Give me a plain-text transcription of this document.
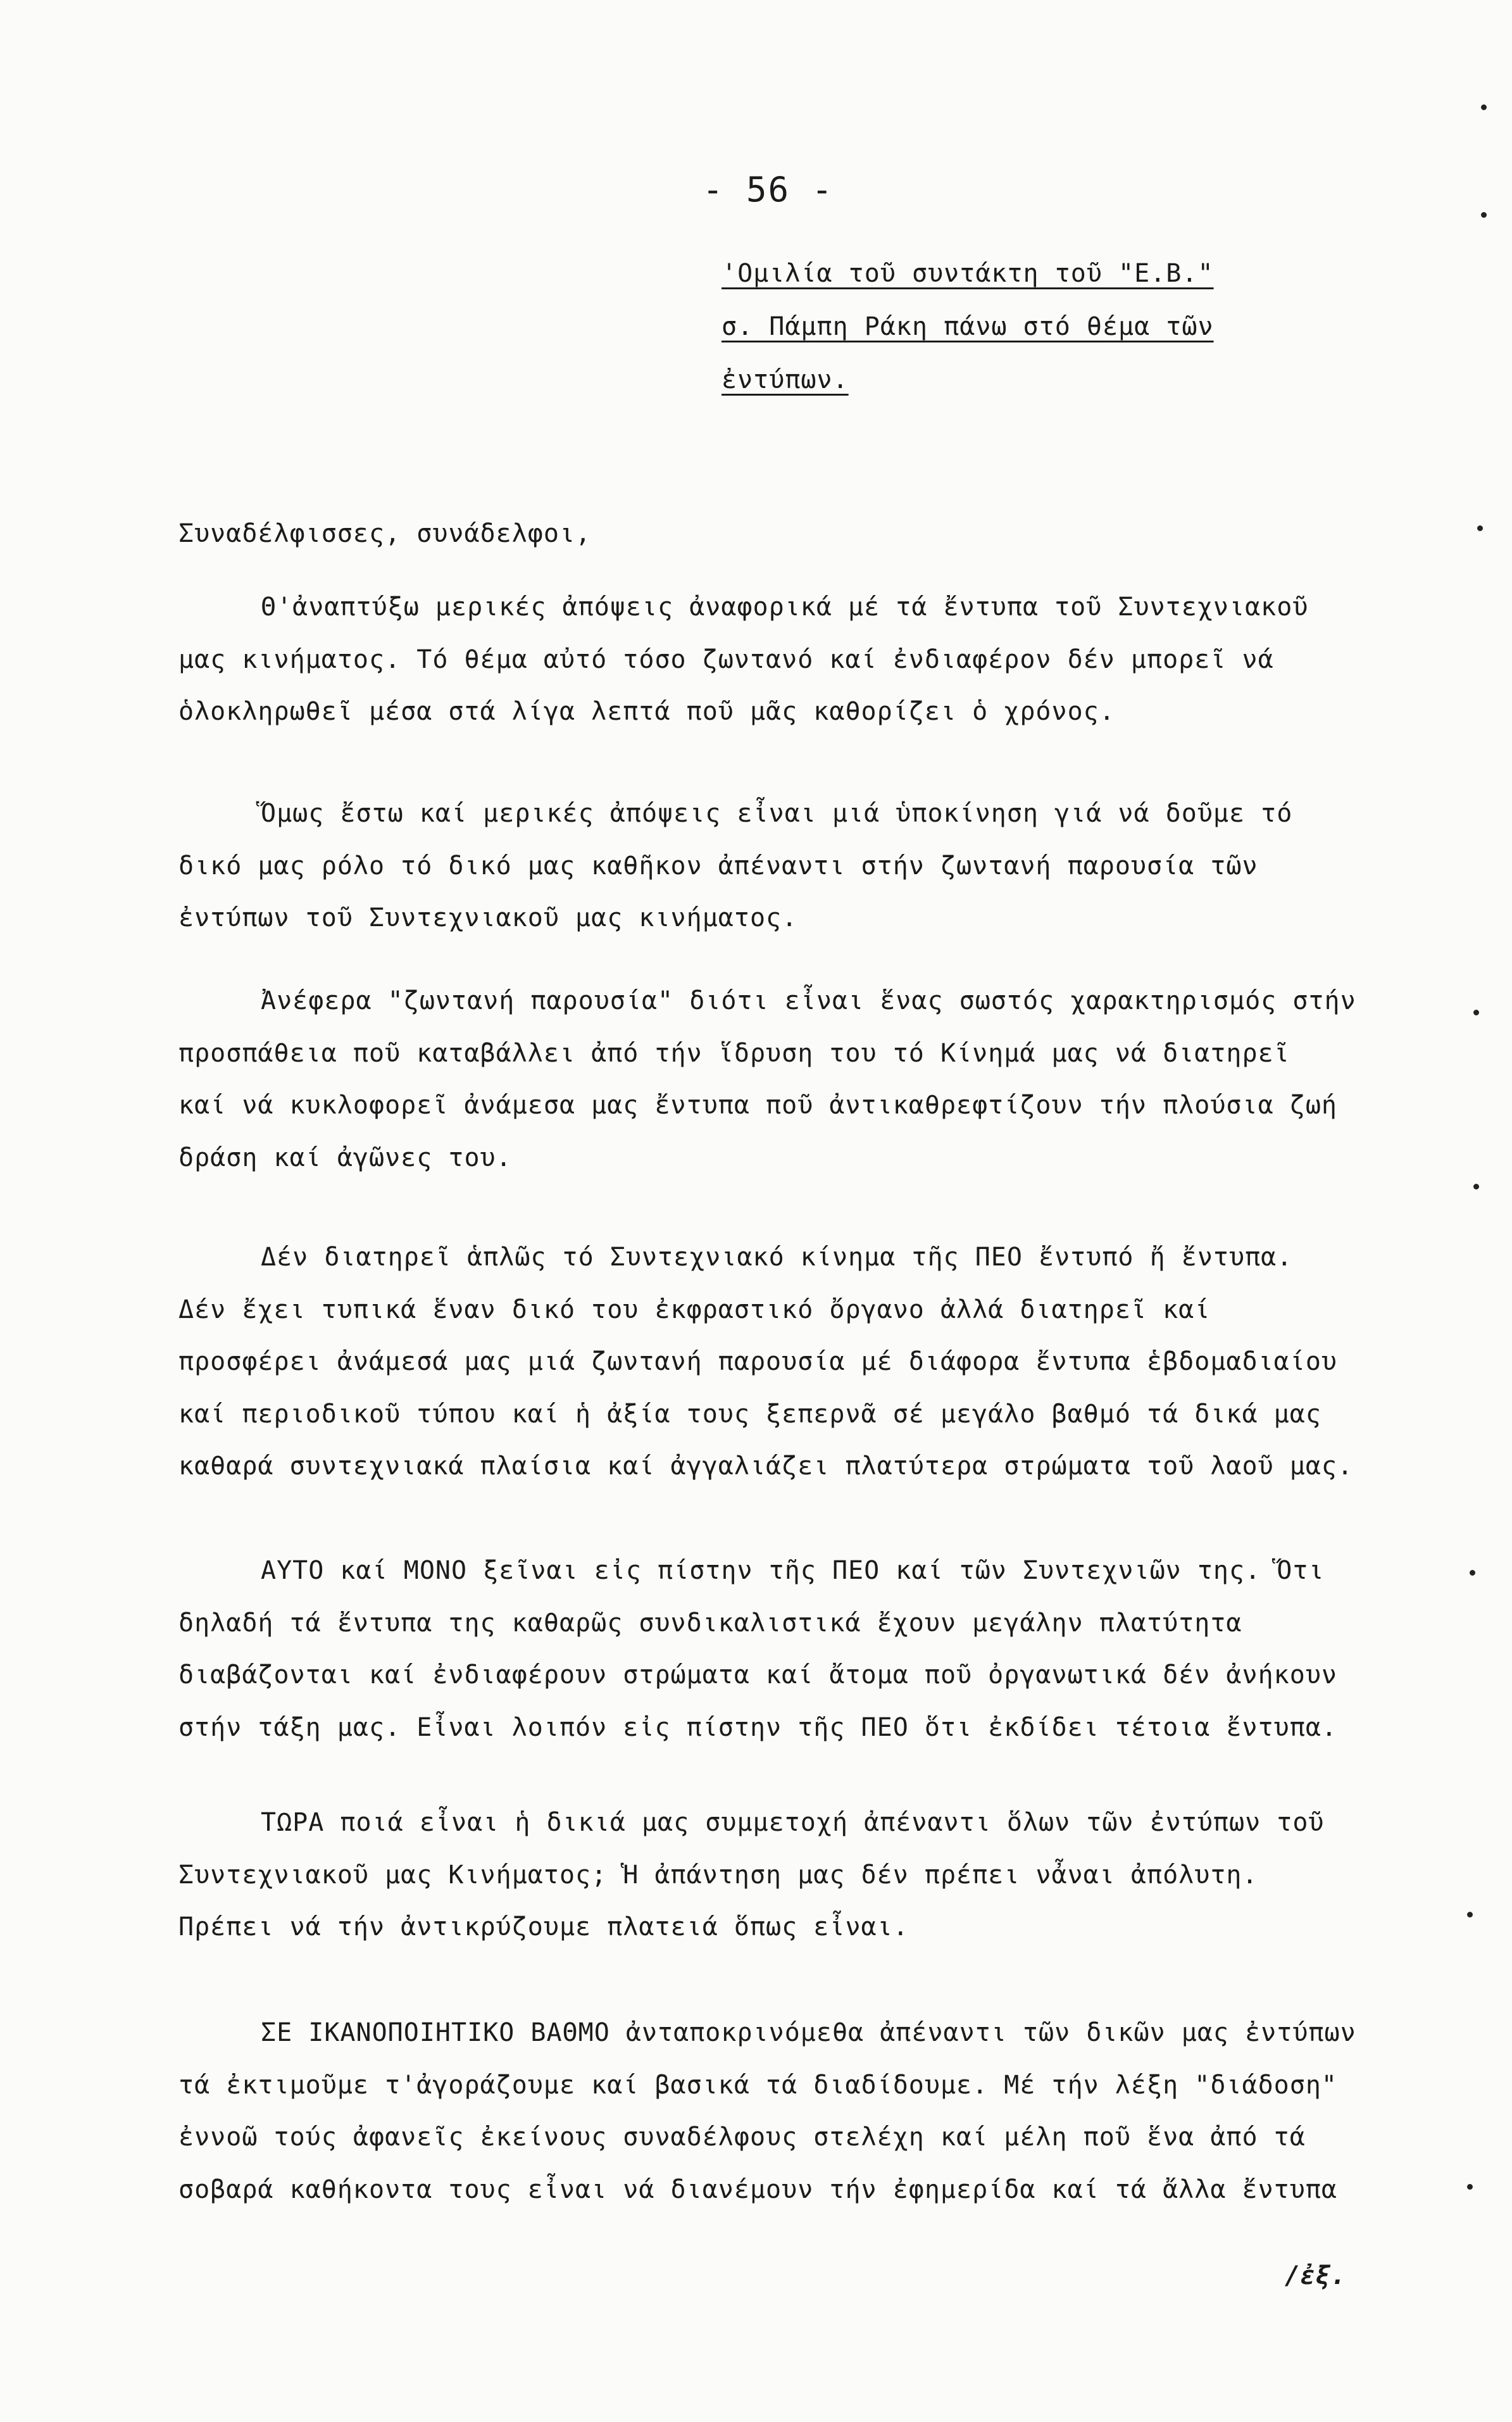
- 56 -
'Ομιλία τοῦ συντάκτη τοῦ "Ε.Β."
σ. Πάμπη Ράκη πάνω στό θέμα τῶν
ἐντύπων.
Συναδέλφισσες, συνάδελφοι,
Θ'ἀναπτύξω μερικές ἀπόψεις ἀναφορικά μέ τά ἔντυπα τοῦ Συντεχνιακοῦ
μας κινήματος. Τό θέμα αὐτό τόσο ζωντανό καί ἐνδιαφέρον δέν μπορεῖ νά
ὁλοκληρωθεῖ μέσα στά λίγα λεπτά ποῦ μᾶς καθορίζει ὁ χρόνος.
Ὅμως ἔστω καί μερικές ἀπόψεις εἶναι μιά ὑποκίνηση γιά νά δοῦμε τό
δικό μας ρόλο τό δικό μας καθῆκον ἀπέναντι στήν ζωντανή παρουσία τῶν
ἐντύπων τοῦ Συντεχνιακοῦ μας κινήματος.
Ἀνέφερα "ζωντανή παρουσία" διότι εἶναι ἕνας σωστός χαρακτηρισμός στήν
προσπάθεια ποῦ καταβάλλει ἀπό τήν ἵδρυση του τό Κίνημά μας νά διατηρεῖ
καί νά κυκλοφορεῖ ἀνάμεσα μας ἔντυπα ποῦ ἀντικαθρεφτίζουν τήν πλούσια ζωή
δράση καί ἀγῶνες του.
Δέν διατηρεῖ ἁπλῶς τό Συντεχνιακό κίνημα τῆς ΠΕΟ ἔντυπό ἤ ἔντυπα.
Δέν ἔχει τυπικά ἕναν δικό του ἐκφραστικό ὄργανο ἀλλά διατηρεῖ καί
προσφέρει ἀνάμεσά μας μιά ζωντανή παρουσία μέ διάφορα ἔντυπα ἑβδομαδιαίου
καί περιοδικοῦ τύπου καί ἡ ἀξία τους ξεπερνᾶ σέ μεγάλο βαθμό τά δικά μας
καθαρά συντεχνιακά πλαίσια καί ἀγγαλιάζει πλατύτερα στρώματα τοῦ λαοῦ μας.
ΑΥΤΟ καί ΜΟΝΟ ξεῖναι εἰς πίστην τῆς ΠΕΟ καί τῶν Συντεχνιῶν της. Ὅτι
δηλαδή τά ἔντυπα της καθαρῶς συνδικαλιστικά ἔχουν μεγάλην πλατύτητα
διαβάζονται καί ἐνδιαφέρουν στρώματα καί ἄτομα ποῦ ὀργανωτικά δέν ἀνήκουν
στήν τάξη μας. Εἶναι λοιπόν εἰς πίστην τῆς ΠΕΟ ὅτι ἐκδίδει τέτοια ἔντυπα.
ΤΩΡΑ ποιά εἶναι ἡ δικιά μας συμμετοχή ἀπέναντι ὅλων τῶν ἐντύπων τοῦ
Συντεχνιακοῦ μας Κινήματος; Ἡ ἀπάντηση μας δέν πρέπει νἆναι ἀπόλυτη.
Πρέπει νά τήν ἀντικρύζουμε πλατειά ὅπως εἶναι.
ΣΕ ΙΚΑΝΟΠΟΙΗΤΙΚΟ ΒΑΘΜΟ ἀνταποκρινόμεθα ἀπέναντι τῶν δικῶν μας ἐντύπων
τά ἐκτιμοῦμε τ'ἀγοράζουμε καί βασικά τά διαδίδουμε. Μέ τήν λέξη "διάδοση"
ἐννοῶ τούς ἀφανεῖς ἐκείνους συναδέλφους στελέχη καί μέλη ποῦ ἕνα ἀπό τά
σοβαρά καθήκοντα τους εἶναι νά διανέμουν τήν ἐφημερίδα καί τά ἄλλα ἔντυπα
/ἐξ.
